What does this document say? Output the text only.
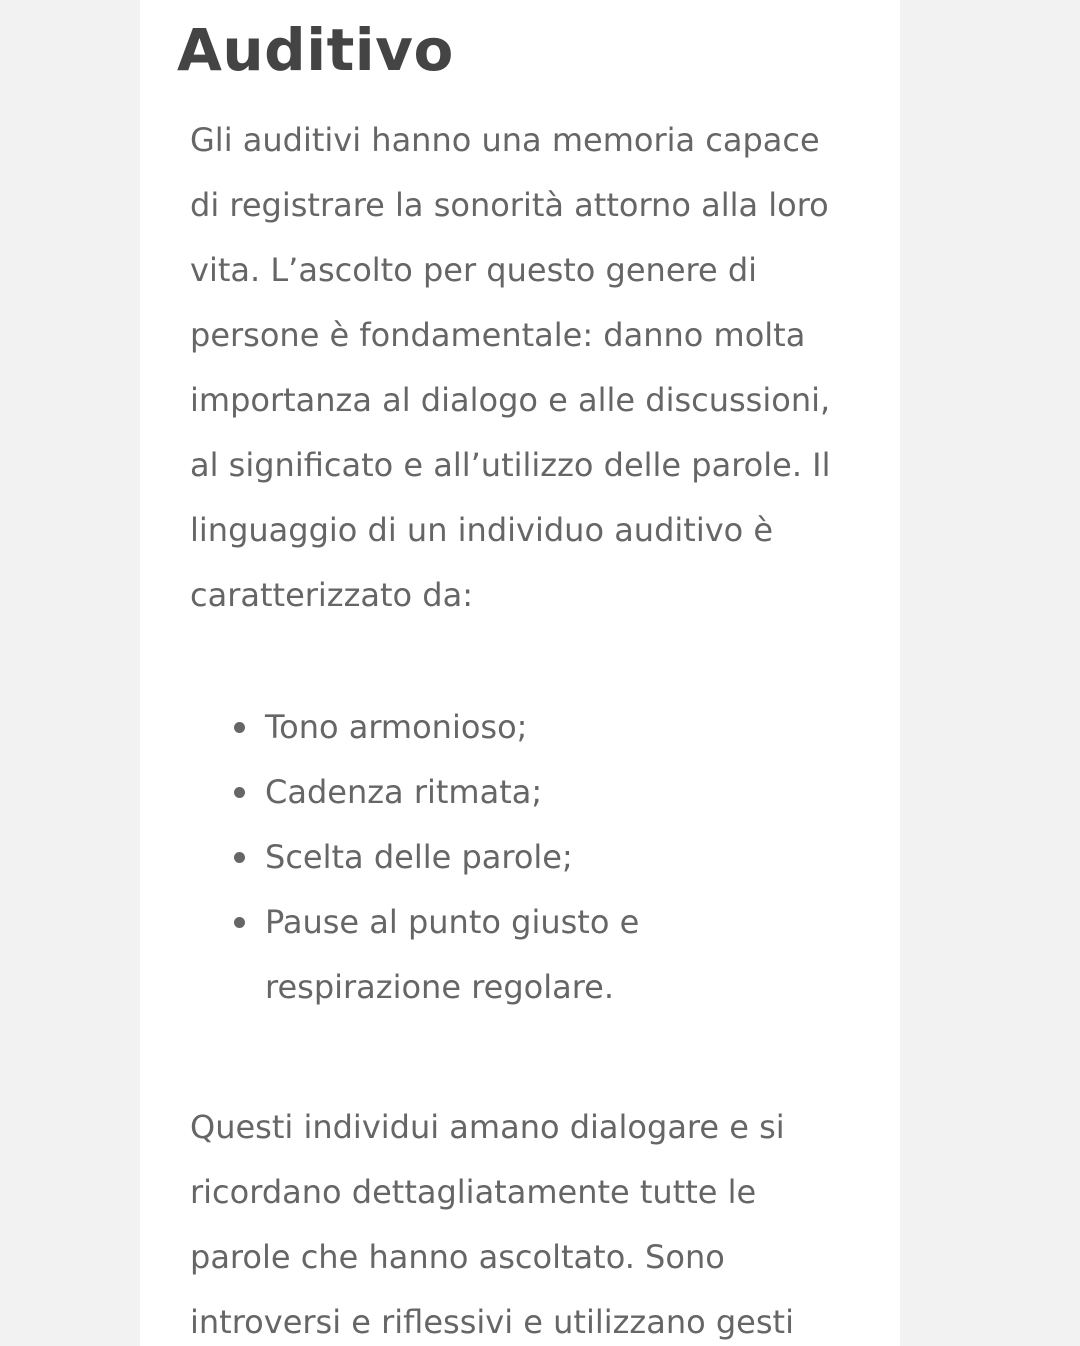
Auditivo

Gli auditivi hanno una memoria capace
di registrare la sonorità attorno alla loro
vita. L’ascolto per questo genere di
persone è fondamentale: danno molta
importanza al dialogo e alle discussioni,
al significato e all’utilizzo delle parole. Il
linguaggio di un individuo auditivo è
caratterizzato da:

Tono armonioso;
Cadenza ritmata;
Scelta delle parole;
Pause al punto giusto e
respirazione regolare.

Questi individui amano dialogare e si
ricordano dettagliatamente tutte le
parole che hanno ascoltato. Sono
introversi e riflessivi e utilizzano gesti
